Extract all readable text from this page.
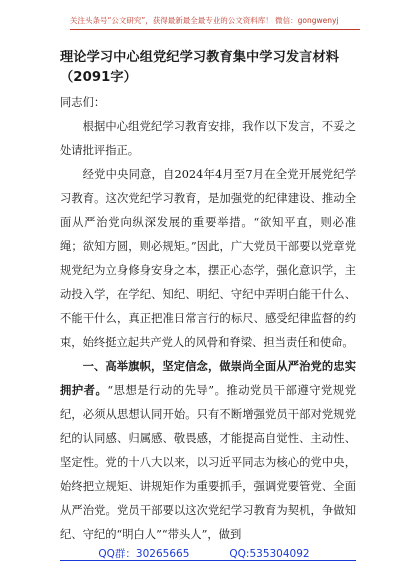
关注头条号“公文研究”，获得最新最全最专业的公文资料库！ 微信：gongwenyj

理论学习中心组党纪学习教育集中学习发言材料（2091字）

同志们：

根据中心组党纪学习教育安排，我作以下发言，不妥之处请批评指正。

经党中央同意，自2024年4月至7月在全党开展党纪学习教育。这次党纪学习教育，是加强党的纪律建设、推动全面从严治党向纵深发展的重要举措。“欲知平直，则必准绳；欲知方圆，则必规矩。”因此，广大党员干部要以党章党规党纪为立身修身安身之本，摆正心态学，强化意识学，主动投入学，在学纪、知纪、明纪、守纪中弄明白能干什么、不能干什么，真正把准日常言行的标尺、感受纪律监督的约束，始终挺立起共产党人的风骨和脊梁、担当责任和使命。

一、高举旗帜，坚定信念，做崇尚全面从严治党的忠实拥护者。“思想是行动的先导”。推动党员干部遵守党规党纪，必须从思想认同开始。只有不断增强党员干部对党规党纪的认同感、归属感、敬畏感，才能提高自觉性、主动性、坚定性。党的十八大以来，以习近平同志为核心的党中央，始终把立规矩、讲规矩作为重要抓手，强调党要管党、全面从严治党。党员干部要以这次党纪学习教育为契机，争做知纪、守纪的“明白人”“带头人”，做到

QQ群：30265665	QQ:535304092
